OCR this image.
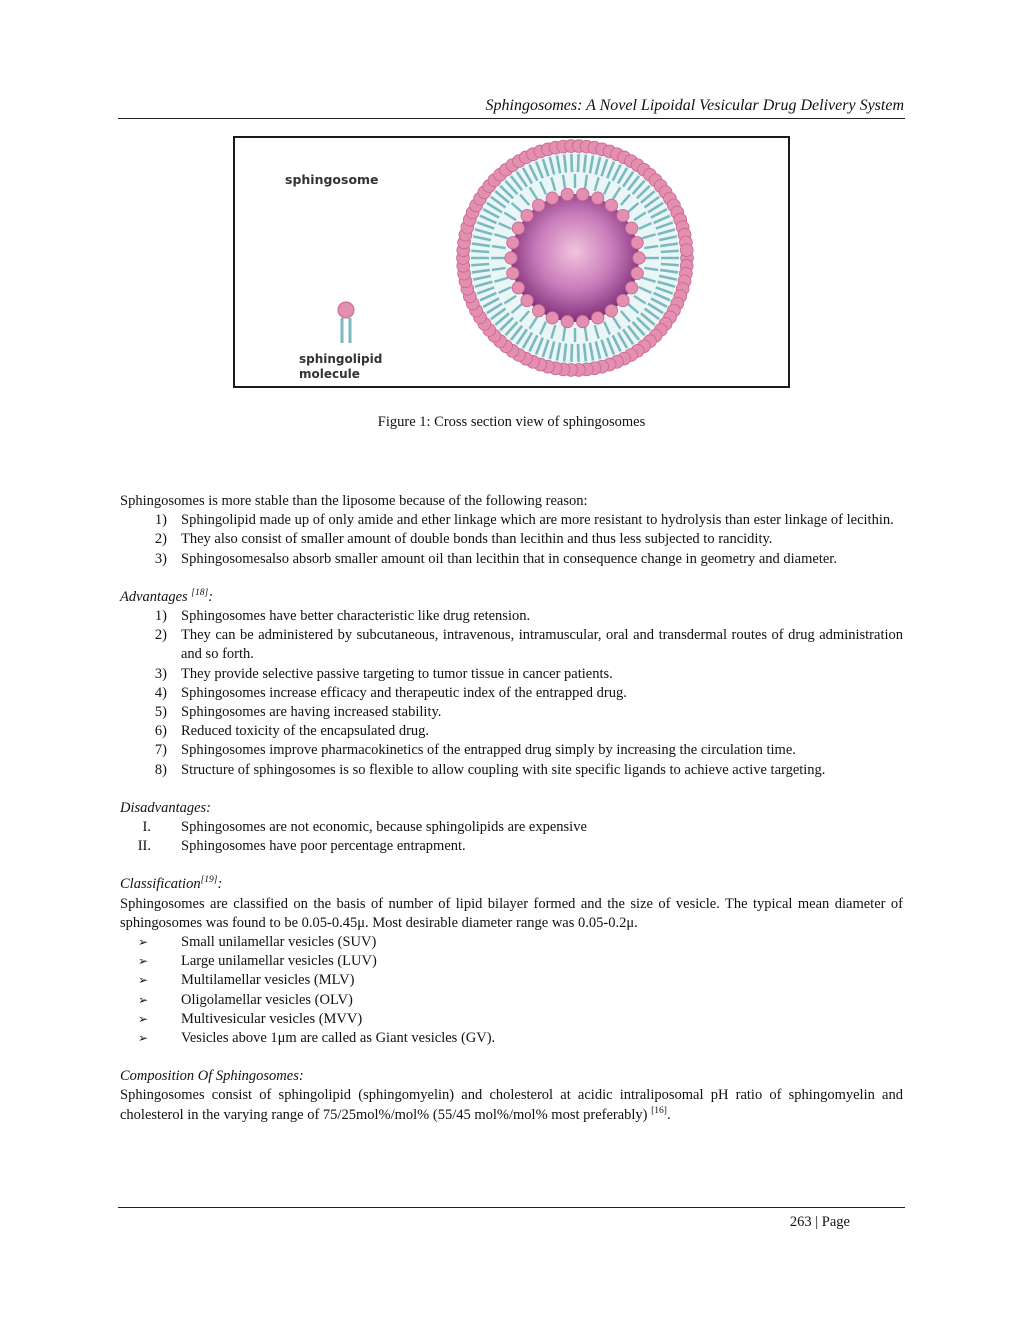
Sphingosomes: A Novel Lipoidal Vesicular Drug Delivery System
sphingosome
sphingolipid
molecule
Figure 1: Cross section view of sphingosomes

Sphingosomes is more stable than the liposome because of the following reason:

1) Sphingolipid made up of only amide and ether linkage which are more resistant to hydrolysis than ester linkage of lecithin.
2) They also consist of smaller amount of double bonds than lecithin and thus less subjected to rancidity.
3) Sphingosomesalso absorb smaller amount oil than lecithin that in consequence change in geometry and diameter.

Advantages [18]:

1) Sphingosomes have better characteristic like drug retension.
2) They can be administered by subcutaneous, intravenous, intramuscular, oral and transdermal routes of drug administration and so forth.
3) They provide selective passive targeting to tumor tissue in cancer patients.
4) Sphingosomes increase efficacy and therapeutic index of the entrapped drug.
5) Sphingosomes are having increased stability.
6) Reduced toxicity of the encapsulated drug.
7) Sphingosomes improve pharmacokinetics of the entrapped drug simply by increasing the circulation time.
8) Structure of sphingosomes is so flexible to allow coupling with site specific ligands to achieve active targeting.

Disadvantages:

I. Sphingosomes are not economic, because sphingolipids are expensive
II. Sphingosomes have poor percentage entrapment.

Classification[19]:

Sphingosomes are classified on the basis of number of lipid bilayer formed and the size of vesicle. The typical mean diameter of sphingosomes was found to be 0.05-0.45μ. Most desirable diameter range was 0.05-0.2μ.

➢	Small unilamellar vesicles (SUV)
➢	Large unilamellar vesicles (LUV)
➢	Multilamellar vesicles (MLV)
➢	Oligolamellar vesicles (OLV)
➢	Multivesicular vesicles (MVV)
➢	Vesicles above 1μm are called as Giant vesicles (GV).

Composition Of Sphingosomes:

Sphingosomes consist of sphingolipid (sphingomyelin) and cholesterol at acidic intraliposomal pH ratio of sphingomyelin and cholesterol in the varying range of 75/25mol%/mol% (55/45 mol%/mol% most preferably) [16].

263 | Page
